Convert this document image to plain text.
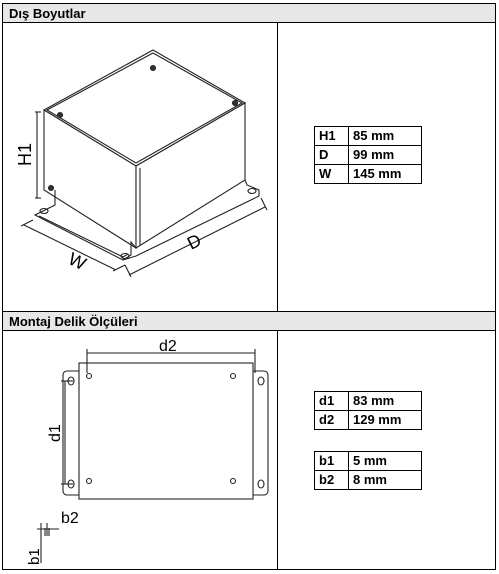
Dış Boyutlar
H1
W
D
H1	85 mm
D	99 mm
W	145 mm
Montaj Delik Ölçüleri
d2
d1
b2
b1
d1	83 mm
d2	129 mm
b1	5 mm
b2	8 mm
